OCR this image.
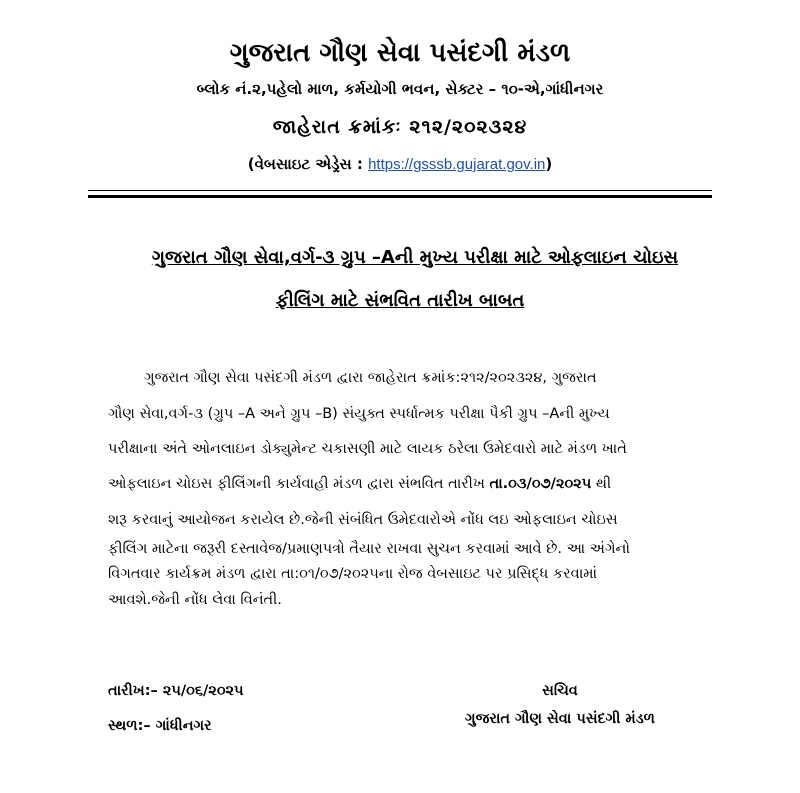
ગુજરાત ગૌણ સેવા પસંદગી મંડળ
બ્લોક નં.૨,પહેલો માળ, કર્મયોગી ભવન, સેક્ટર – ૧૦-એ,ગાંધીનગર
જાહેરાત ક્રમાંકઃ ૨૧૨/૨૦૨૩૨૪
(વેબસાઇટ એડ્રેસ : https://gsssb.gujarat.gov.in)
ગુજરાત ગૌણ સેવા,વર્ગ-૩ ગ્રુપ –Aની મુખ્ય પરીક્ષા માટે ઓફલાઇન ચોઇસ
ફીલિંગ માટે સંભવિત તારીખ બાબત
ગુજરાત ગૌણ સેવા પસંદગી મંડળ દ્વારા જાહેરાત ક્રમાંક:૨૧૨/૨૦૨૩૨૪, ગુજરાત
ગૌણ સેવા,વર્ગ-૩ (ગ્રુપ –A અને ગ્રુપ –B) સંયુક્ત સ્પર્ધાત્મક પરીક્ષા પૈકી ગ્રુપ –Aની મુખ્ય
પરીક્ષાના અંતે ઓનલાઇન ડોક્યુમેન્ટ ચકાસણી માટે લાયક ઠરેલા ઉમેદવારો માટે મંડળ ખાતે
ઓફલાઇન ચોઇસ ફીલિંગની કાર્યવાહી મંડળ દ્વારા સંભવિત તારીખ તા.૦૩/૦૭/૨૦૨૫ થી
શરૂ કરવાનું આયોજન કરાયેલ છે.જેની સંબંધિત ઉમેદવારોએ નોંધ લઇ ઓફલાઇન ચોઇસ
ફીલિંગ માટેના જરૂરી દસ્તાવેજ/પ્રમાણપત્રો તૈયાર રાખવા સુચન કરવામાં આવે છે. આ અંગેનો
વિગતવાર કાર્યક્રમ મંડળ દ્વારા તા:૦૧/૦૭/૨૦૨૫ના રોજ વેબસાઇટ પર પ્રસિદ્ધ કરવામાં
આવશે.જેની નોંધ લેવા વિનંતી.
તારીખ:– ૨૫/૦૬/૨૦૨૫
સ્થળ:– ગાંધીનગર
સચિવ
ગુજરાત ગૌણ સેવા પસંદગી મંડળ
